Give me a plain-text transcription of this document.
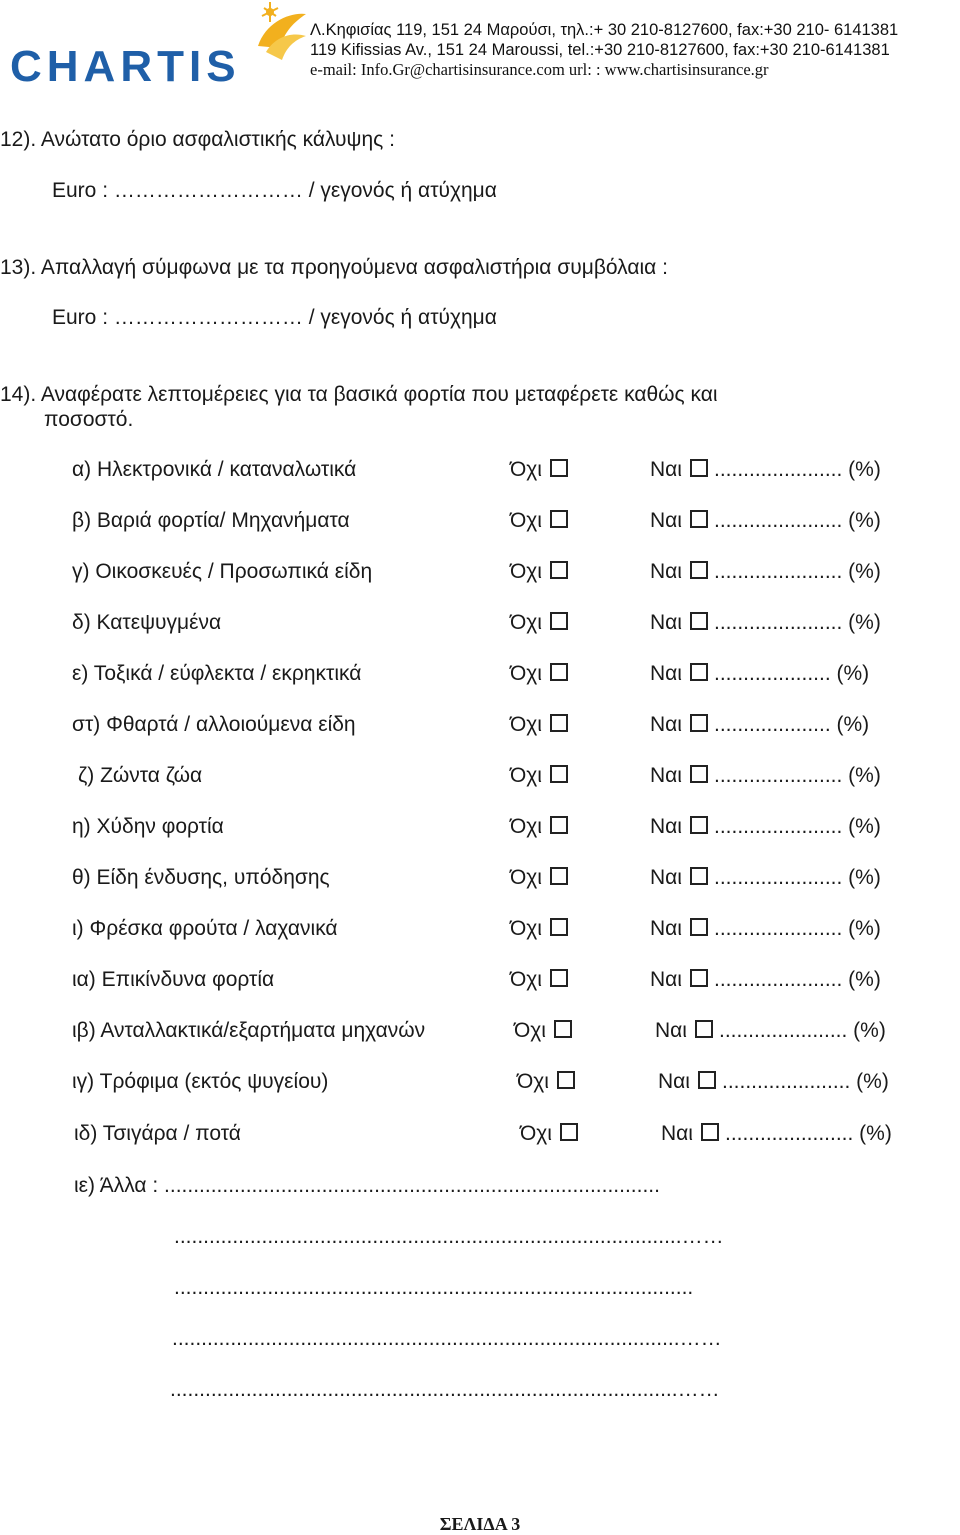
CHARTIS
Λ.Κηφισίας 119, 151 24 Μαρούσι, τηλ.:+ 30 210-8127600, fax:+30 210- 6141381
119 Kifissias Av., 151 24 Maroussi, tel.:+30 210-8127600, fax:+30 210-6141381
e-mail: Info.Gr@chartisinsurance.com url: : www.chartisinsurance.gr
12). Ανώτατο όριο ασφαλιστικής κάλυψης :
Euro : ……………………… / γεγονός ή ατύχημα
13). Απαλλαγή σύμφωνα με τα προηγούμενα ασφαλιστήρια συμβόλαια :
Euro : ……………………… / γεγονός ή ατύχημα
14). Αναφέρατε λεπτομέρειες για τα βασικά φορτία που μεταφέρετε καθώς και
ποσοστό.
α) Ηλεκτρονικά / καταναλωτικά	Όχι	Ναι ...................... (%)
β) Βαριά φορτία/ Μηχανήματα	Όχι	Ναι ...................... (%)
γ) Οικοσκευές / Προσωπικά είδη	Όχι	Ναι ...................... (%)
δ) Κατεψυγμένα	Όχι	Ναι ...................... (%)
ε) Τοξικά / εύφλεκτα / εκρηκτικά	Όχι	Ναι .................... (%)
στ) Φθαρτά / αλλοιούμενα είδη	Όχι	Ναι .................... (%)
ζ) Ζώντα ζώα	Όχι	Ναι ...................... (%)
η) Χύδην φορτία	Όχι	Ναι ...................... (%)
θ) Είδη ένδυσης, υπόδησης	Όχι	Ναι ...................... (%)
ι) Φρέσκα φρούτα / λαχανικά	Όχι	Ναι ...................... (%)
ια) Επικίνδυνα φορτία	Όχι	Ναι ...................... (%)
ιβ) Ανταλλακτικά/εξαρτήματα μηχανών	Όχι	Ναι ...................... (%)
ιγ) Τρόφιμα (εκτός ψυγείου)	Όχι	Ναι ...................... (%)
ιδ) Τσιγάρα / ποτά	Όχι	Ναι ...................... (%)
ιε) Άλλα : .....................................................................................
.......................................................................................……
.........................................................................................
.......................................................................................……
.......................................................................................……
ΣΕΛΙΔΑ 3
